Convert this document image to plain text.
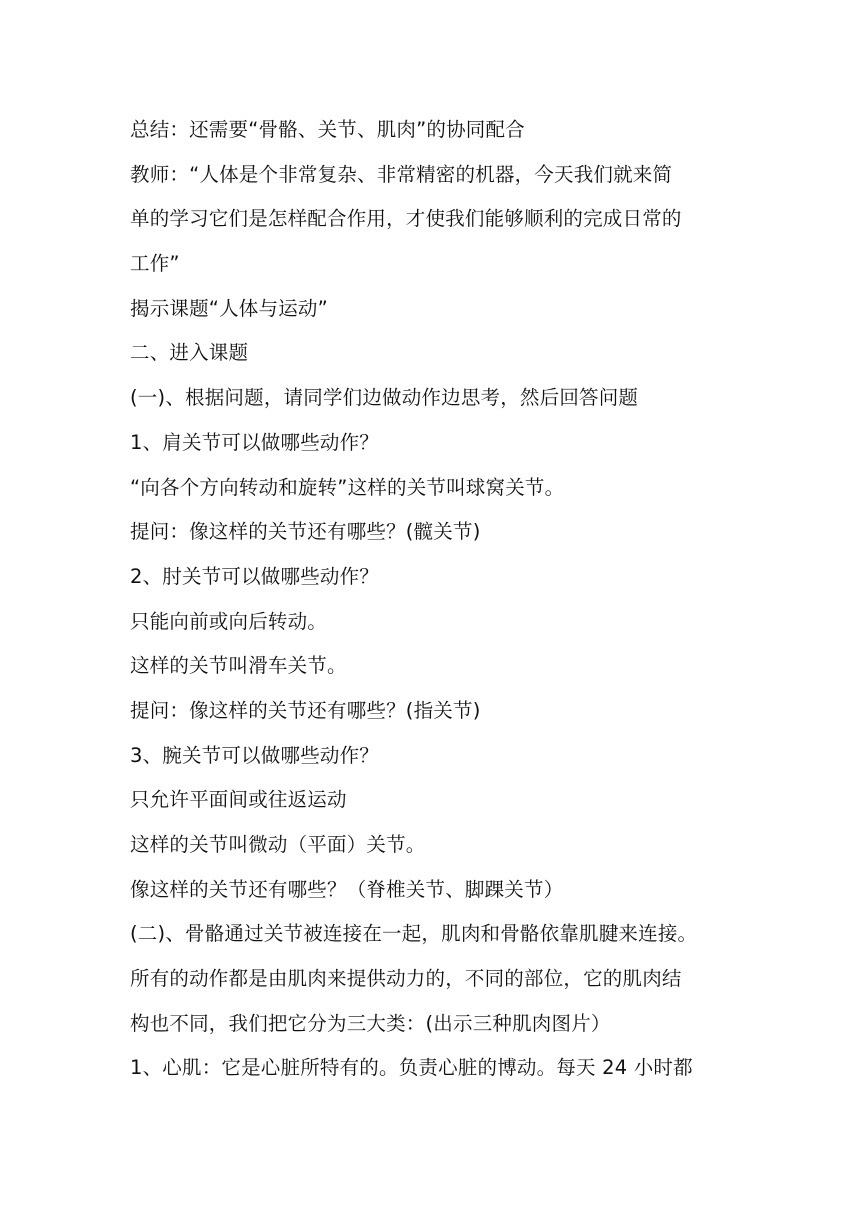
总结：还需要“骨骼、关节、肌肉”的协同配合
教师：“人体是个非常复杂、非常精密的机器，今天我们就来简
单的学习它们是怎样配合作用，才使我们能够顺利的完成日常的
工作”
揭示课题“人体与运动”
二、进入课题
(一)、根据问题，请同学们边做动作边思考，然后回答问题
1、肩关节可以做哪些动作？
“向各个方向转动和旋转”这样的关节叫球窝关节。
提问：像这样的关节还有哪些？(髋关节)
2、肘关节可以做哪些动作？
只能向前或向后转动。
这样的关节叫滑车关节。
提问：像这样的关节还有哪些？(指关节)
3、腕关节可以做哪些动作？
只允许平面间或往返运动
这样的关节叫微动（平面）关节。
像这样的关节还有哪些？（脊椎关节、脚踝关节）
(二)、骨骼通过关节被连接在一起，肌肉和骨骼依靠肌腱来连接。
所有的动作都是由肌肉来提供动力的，不同的部位，它的肌肉结
构也不同，我们把它分为三大类：(出示三种肌肉图片）
1、心肌：它是心脏所特有的。负责心脏的博动。每天 24 小时都
